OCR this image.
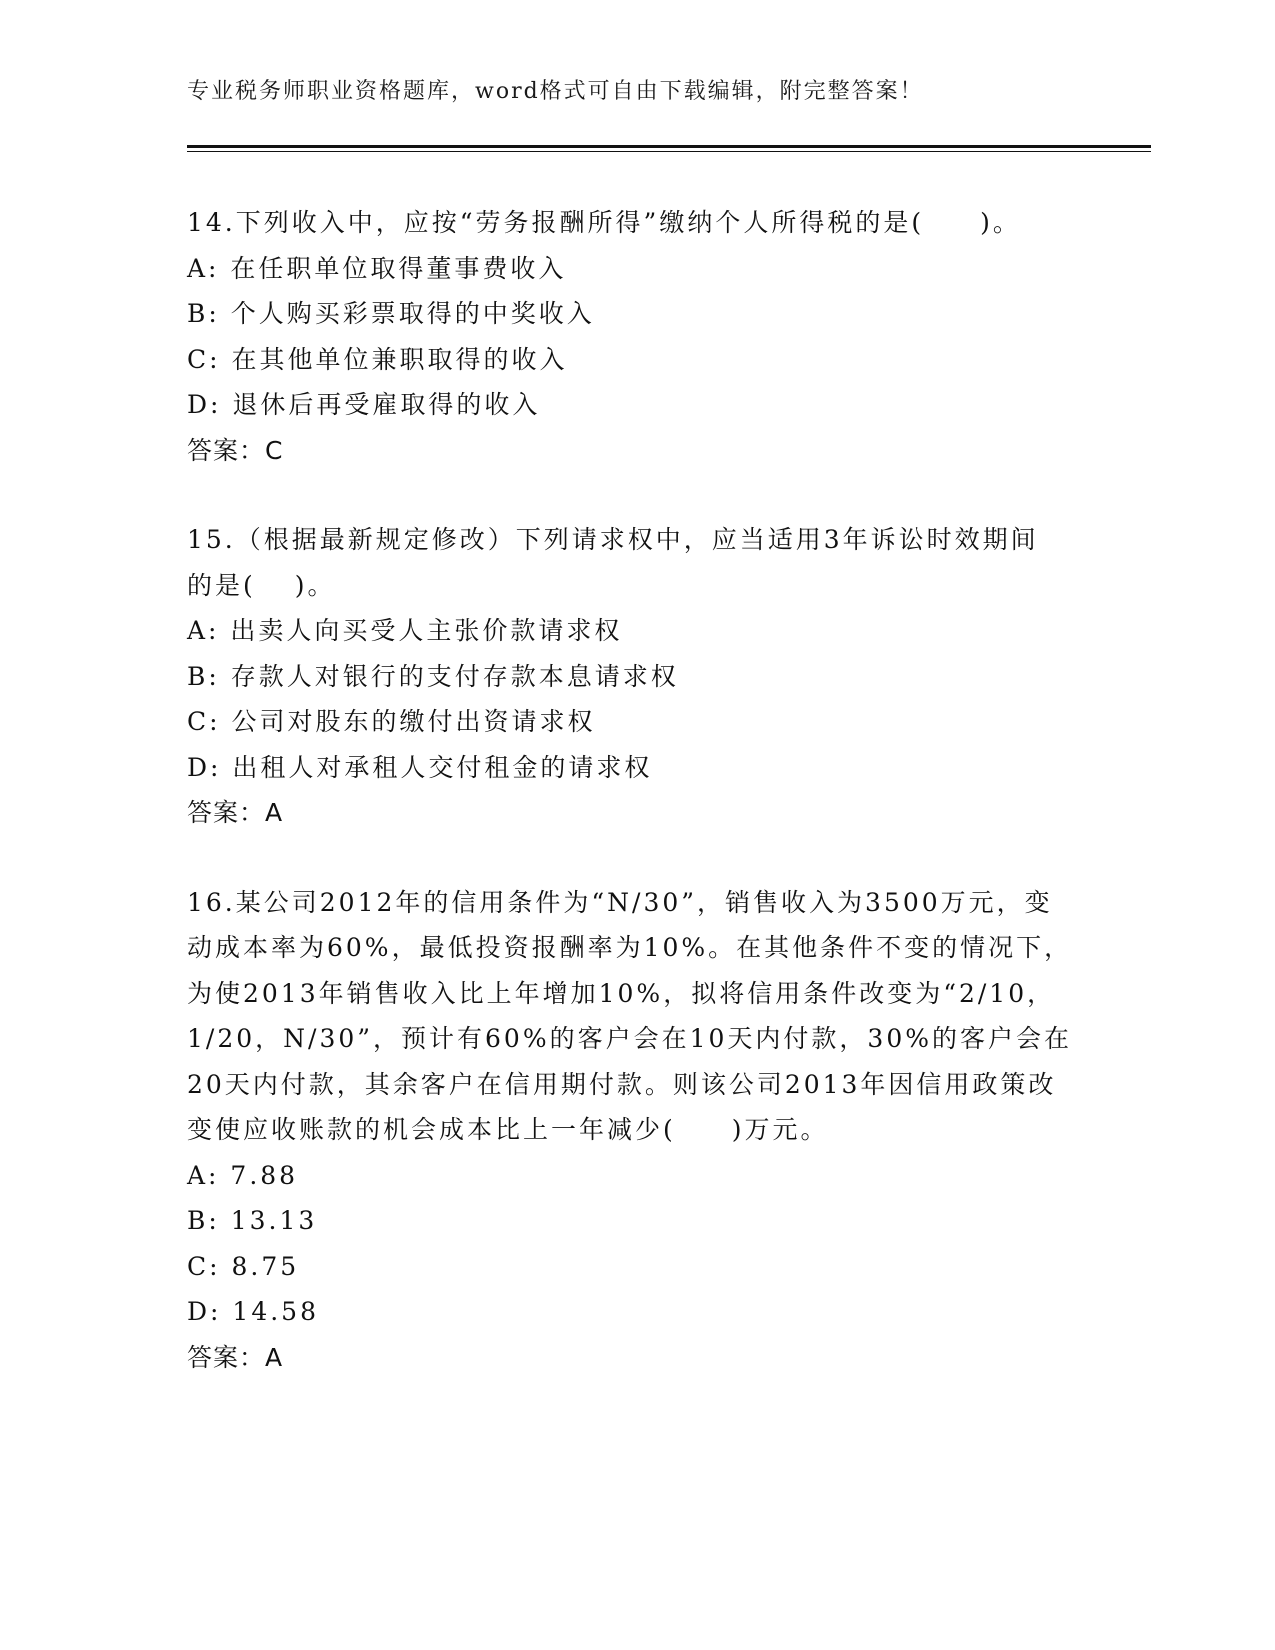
专业税务师职业资格题库，word格式可自由下载编辑，附完整答案！
14.下列收入中，应按“劳务报酬所得”缴纳个人所得税的是(　　)。
A: 在任职单位取得董事费收入
B: 个人购买彩票取得的中奖收入
C: 在其他单位兼职取得的收入
D: 退休后再受雇取得的收入
答案：C
15.（根据最新规定修改）下列请求权中，应当适用3年诉讼时效期间
的是(　 )。
A: 出卖人向买受人主张价款请求权
B: 存款人对银行的支付存款本息请求权
C: 公司对股东的缴付出资请求权
D: 出租人对承租人交付租金的请求权
答案：A
16.某公司2012年的信用条件为“N/30”，销售收入为3500万元，变
动成本率为60%，最低投资报酬率为10%。在其他条件不变的情况下，
为使2013年销售收入比上年增加10%，拟将信用条件改变为“2/10，
1/20，N/30”，预计有60%的客户会在10天内付款，30%的客户会在
20天内付款，其余客户在信用期付款。则该公司2013年因信用政策改
变使应收账款的机会成本比上一年减少(　　)万元。
A: 7.88
B: 13.13
C: 8.75
D: 14.58
答案：A
